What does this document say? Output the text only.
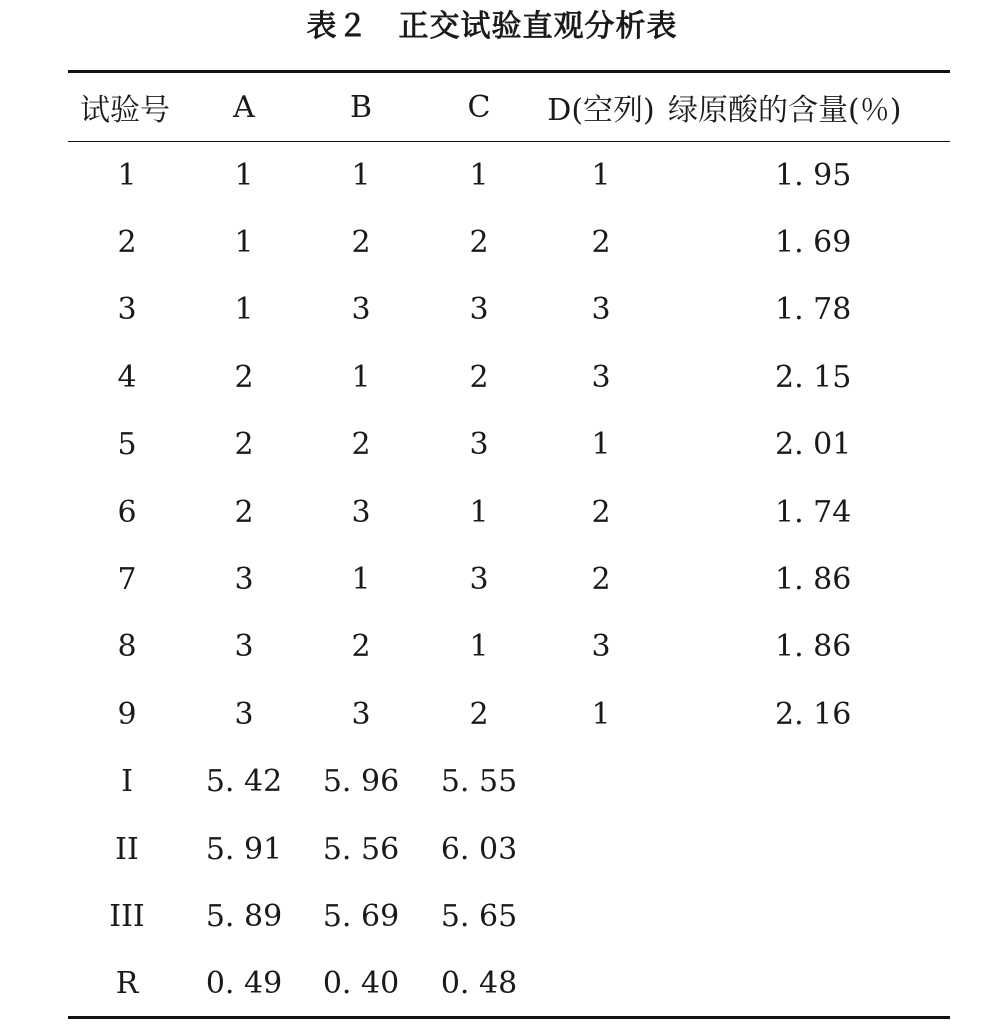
表２ 正交试验直观分析表
试验号	A	B	C	D(空列)	绿原酸的含量(％)
1	1	1	1	1	1. 95
2	1	2	2	2	1. 69
3	1	3	3	3	1. 78
4	2	1	2	3	2. 15
5	2	2	3	1	2. 01
6	2	3	1	2	1. 74
7	3	1	3	2	1. 86
8	3	2	1	3	1. 86
9	3	3	2	1	2. 16
I	5. 42	5. 96	5. 55		
II	5. 91	5. 56	6. 03		
III	5. 89	5. 69	5. 65		
R	0. 49	0. 40	0. 48		
